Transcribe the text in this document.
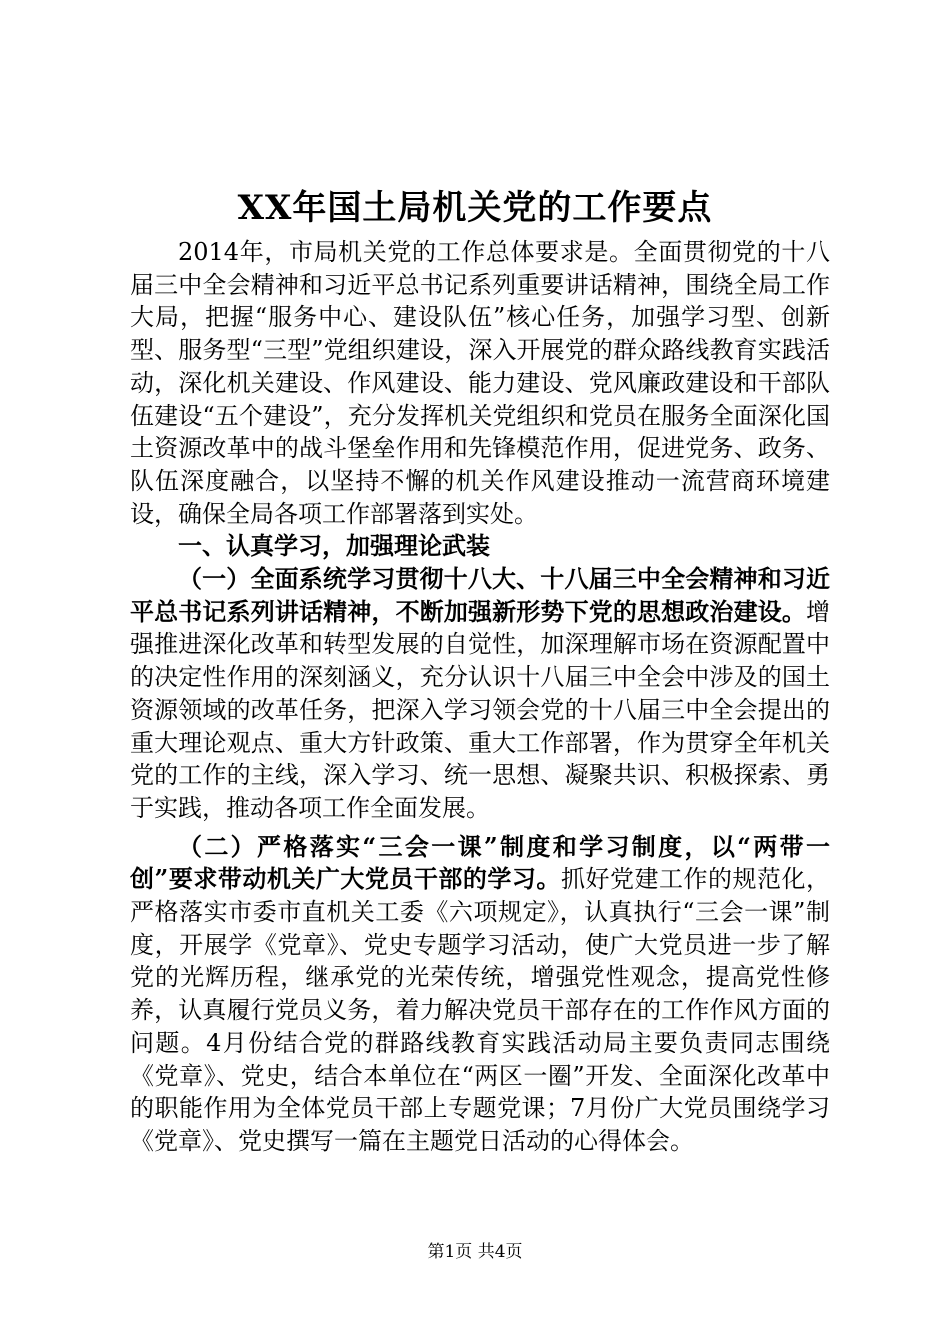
XX年国土局机关党的工作要点

2014年，市局机关党的工作总体要求是。全面贯彻党的十八届三中全会精神和习近平总书记系列重要讲话精神，围绕全局工作大局，把握“服务中心、建设队伍”核心任务，加强学习型、创新型、服务型“三型”党组织建设，深入开展党的群众路线教育实践活动，深化机关建设、作风建设、能力建设、党风廉政建设和干部队伍建设“五个建设”，充分发挥机关党组织和党员在服务全面深化国土资源改革中的战斗堡垒作用和先锋模范作用，促进党务、政务、队伍深度融合，以坚持不懈的机关作风建设推动一流营商环境建设，确保全局各项工作部署落到实处。

一、认真学习，加强理论武装

（一）全面系统学习贯彻十八大、十八届三中全会精神和习近平总书记系列讲话精神，不断加强新形势下党的思想政治建设。增强推进深化改革和转型发展的自觉性，加深理解市场在资源配置中的决定性作用的深刻涵义，充分认识十八届三中全会中涉及的国土资源领域的改革任务，把深入学习领会党的十八届三中全会提出的重大理论观点、重大方针政策、重大工作部署，作为贯穿全年机关党的工作的主线，深入学习、统一思想、凝聚共识、积极探索、勇于实践，推动各项工作全面发展。

（二）严格落实“三会一课”制度和学习制度，以“两带一创”要求带动机关广大党员干部的学习。抓好党建工作的规范化，严格落实市委市直机关工委《六项规定》，认真执行“三会一课”制度，开展学《党章》、党史专题学习活动，使广大党员进一步了解党的光辉历程，继承党的光荣传统，增强党性观念，提高党性修养，认真履行党员义务，着力解决党员干部存在的工作作风方面的问题。4月份结合党的群路线教育实践活动局主要负责同志围绕《党章》、党史，结合本单位在“两区一圈”开发、全面深化改革中的职能作用为全体党员干部上专题党课；7月份广大党员围绕学习《党章》、党史撰写一篇在主题党日活动的心得体会。

第1页 共4页
